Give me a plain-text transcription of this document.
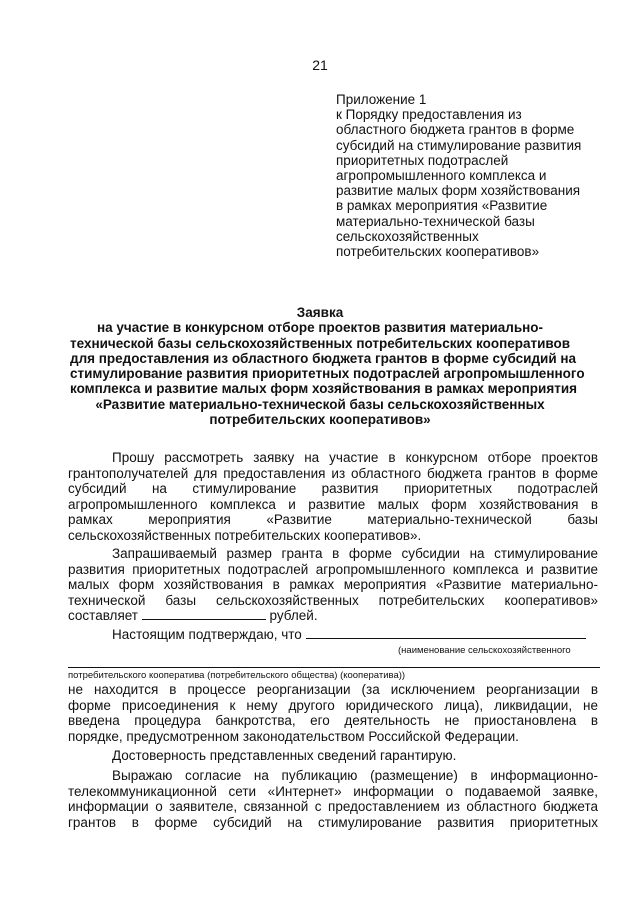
21
Приложение 1
к Порядку предоставления из
областного бюджета грантов в форме
субсидий на стимулирование развития
приоритетных подотраслей
агропромышленного комплекса и
развитие малых форм хозяйствования
в рамках мероприятия «Развитие
материально-технической базы
сельскохозяйственных
потребительских кооперативов»
Заявка
на участие в конкурсном отборе проектов развития материально-
технической базы сельскохозяйственных потребительских кооперативов
для предоставления из областного бюджета грантов в форме субсидий на
стимулирование развития приоритетных подотраслей агропромышленного
комплекса и развитие малых форм хозяйствования в рамках мероприятия
«Развитие материально-технической базы сельскохозяйственных
потребительских кооперативов»
Прошу рассмотреть заявку на участие в конкурсном отборе проектов
грантополучателей для предоставления из областного бюджета грантов в форме
субсидий на стимулирование развития приоритетных подотраслей
агропромышленного комплекса и развитие малых форм хозяйствования в
рамках мероприятия «Развитие материально-технической базы
сельскохозяйственных потребительских кооперативов».
Запрашиваемый размер гранта в форме субсидии на стимулирование
развития приоритетных подотраслей агропромышленного комплекса и развитие
малых форм хозяйствования в рамках мероприятия «Развитие материально-
технической базы сельскохозяйственных потребительских кооперативов»
составляет	рублей.
Настоящим подтверждаю, что
(наименование сельскохозяйственного
потребительского кооператива (потребительского общества) (кооператива))
не находится в процессе реорганизации (за исключением реорганизации в
форме присоединения к нему другого юридического лица), ликвидации, не
введена процедура банкротства, его деятельность не приостановлена в
порядке, предусмотренном законодательством Российской Федерации.
Достоверность представленных сведений гарантирую.
Выражаю согласие на публикацию (размещение) в информационно-
телекоммуникационной сети «Интернет» информации о подаваемой заявке,
информации о заявителе, связанной с предоставлением из областного бюджета
грантов в форме субсидий на стимулирование развития приоритетных
